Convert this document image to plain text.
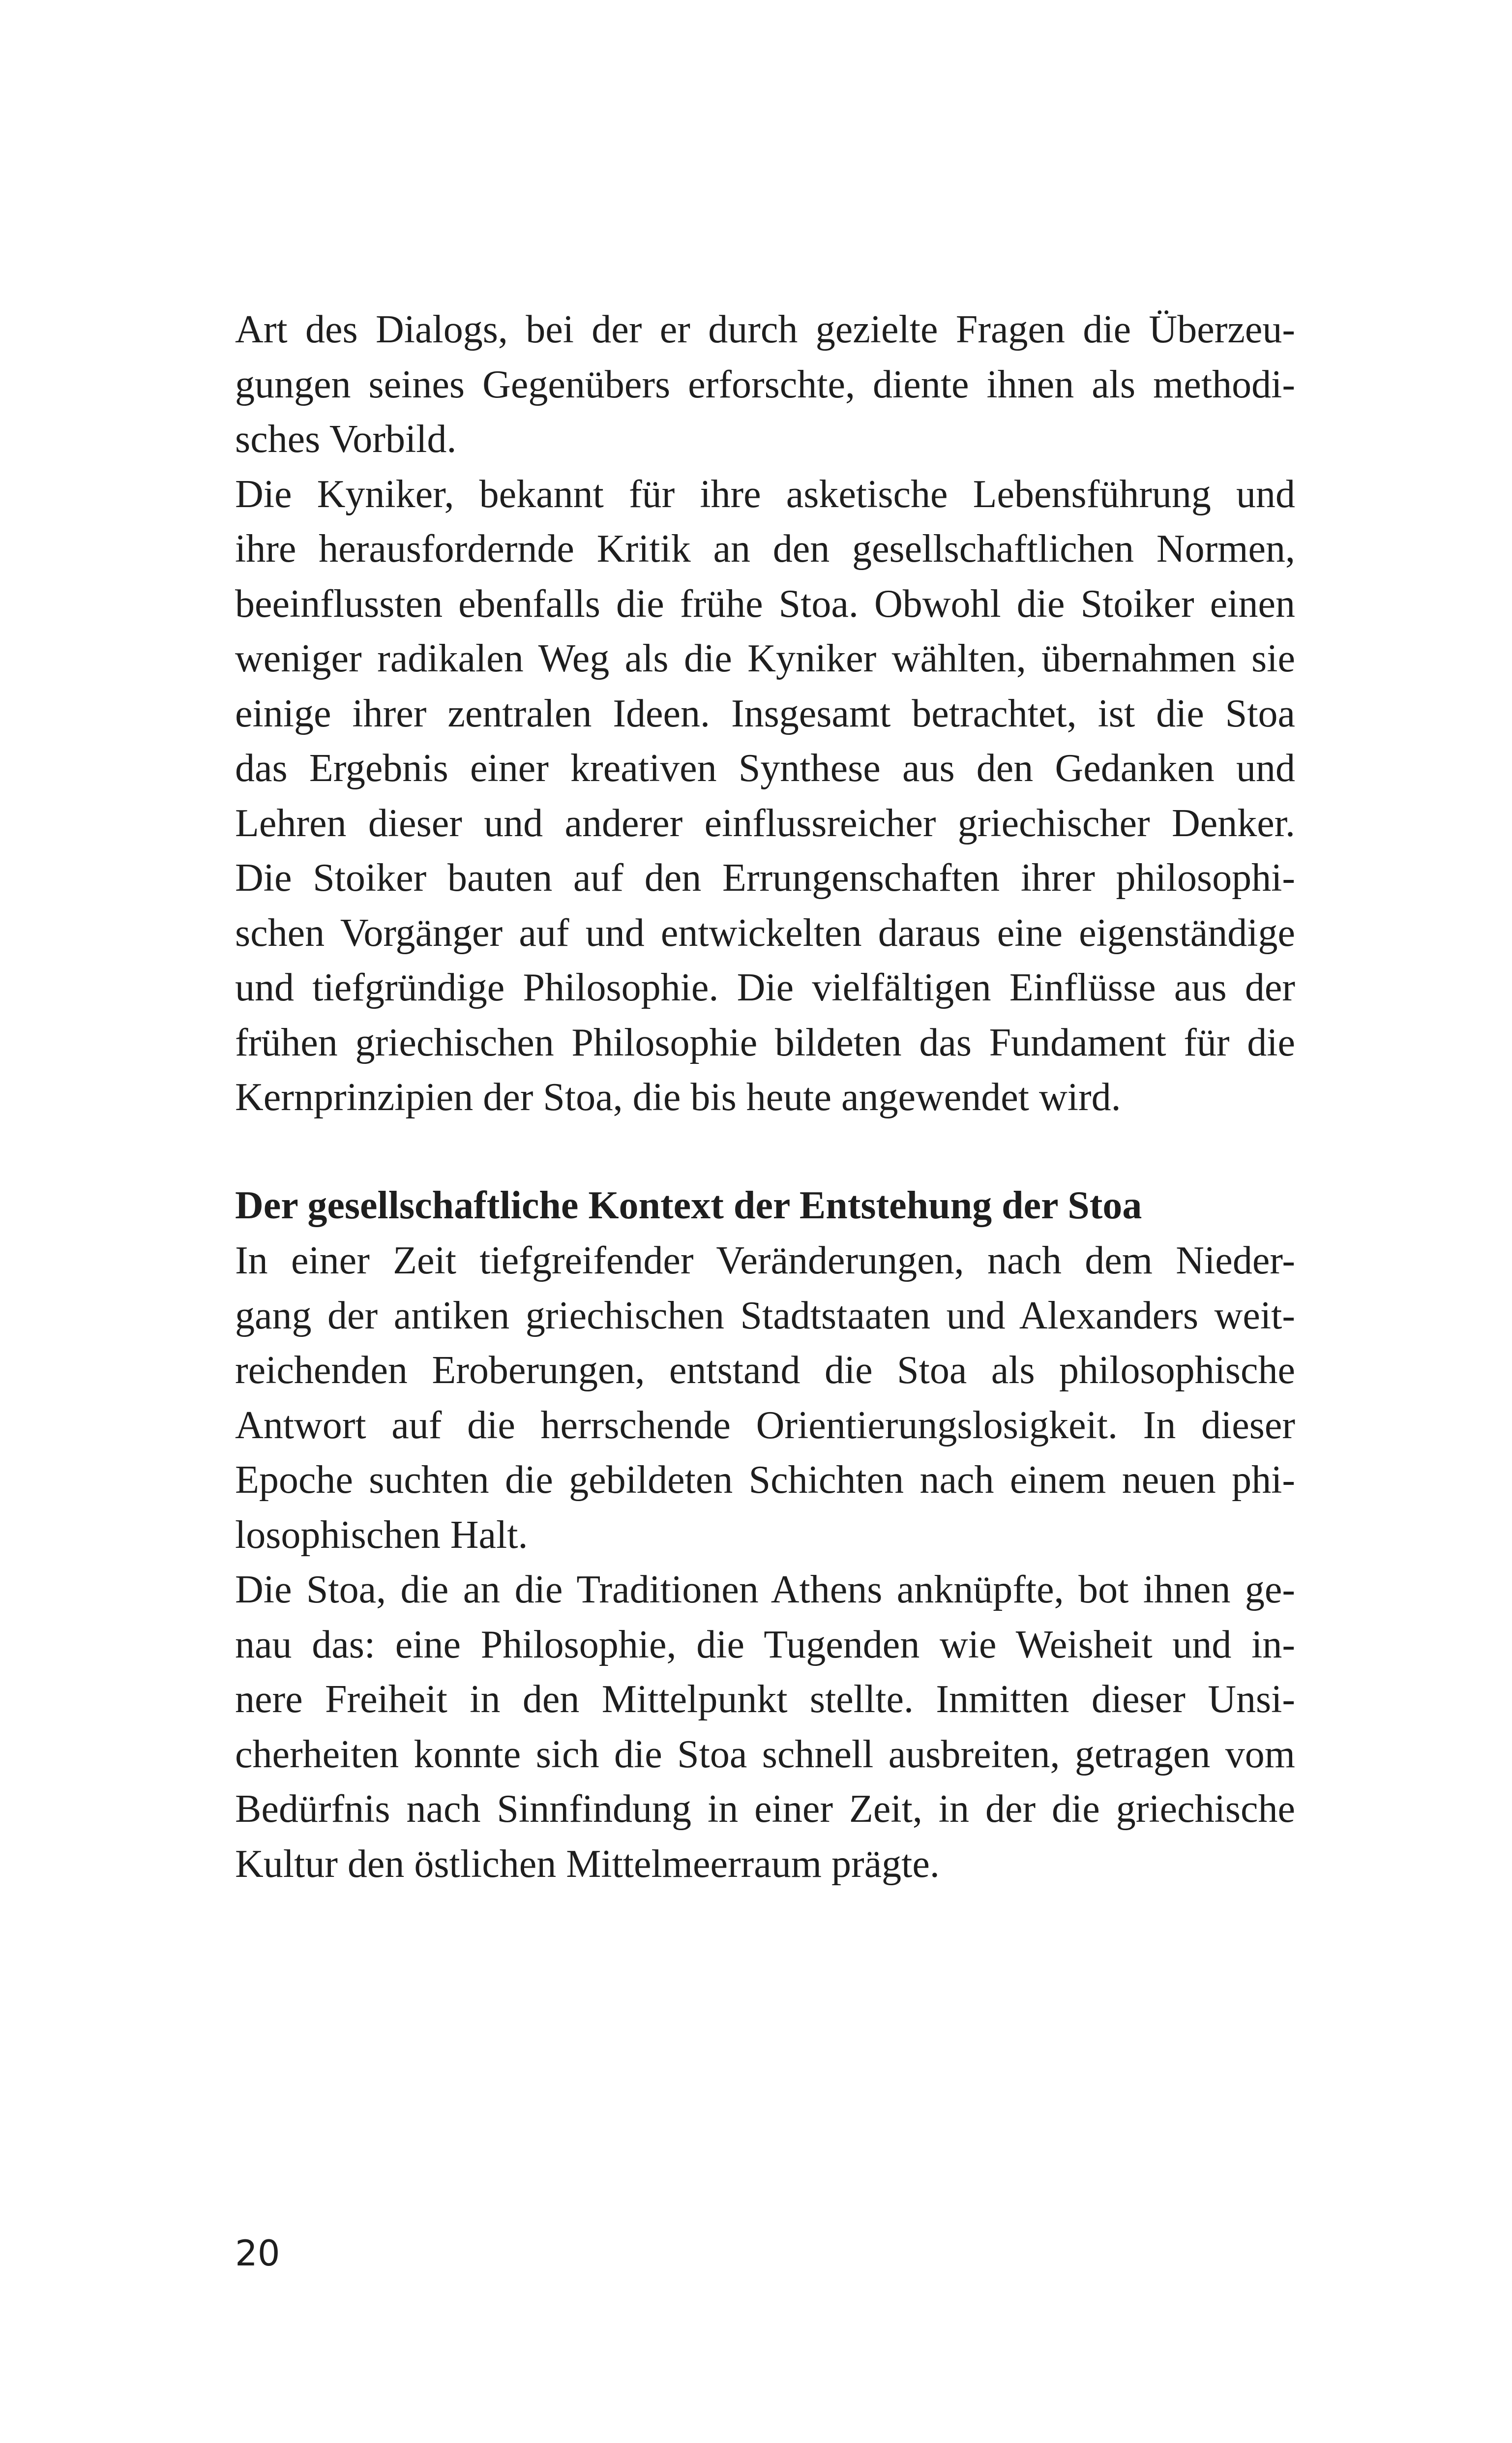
Art des Dialogs, bei der er durch gezielte Fragen die Überzeu-
gungen seines Gegenübers erforschte, diente ihnen als methodi-
sches Vorbild.
Die Kyniker, bekannt für ihre asketische Lebensführung und
ihre herausfordernde Kritik an den gesellschaftlichen Normen,
beeinflussten ebenfalls die frühe Stoa. Obwohl die Stoiker einen
weniger radikalen Weg als die Kyniker wählten, übernahmen sie
einige ihrer zentralen Ideen. Insgesamt betrachtet, ist die Stoa
das Ergebnis einer kreativen Synthese aus den Gedanken und
Lehren dieser und anderer einflussreicher griechischer Denker.
Die Stoiker bauten auf den Errungenschaften ihrer philosophi-
schen Vorgänger auf und entwickelten daraus eine eigenständige
und tiefgründige Philosophie. Die vielfältigen Einflüsse aus der
frühen griechischen Philosophie bildeten das Fundament für die
Kernprinzipien der Stoa, die bis heute angewendet wird.
Der gesellschaftliche Kontext der Entstehung der Stoa
In einer Zeit tiefgreifender Veränderungen, nach dem Nieder-
gang der antiken griechischen Stadtstaaten und Alexanders weit-
reichenden Eroberungen, entstand die Stoa als philosophische
Antwort auf die herrschende Orientierungslosigkeit. In dieser
Epoche suchten die gebildeten Schichten nach einem neuen phi-
losophischen Halt.
Die Stoa, die an die Traditionen Athens anknüpfte, bot ihnen ge-
nau das: eine Philosophie, die Tugenden wie Weisheit und in-
nere Freiheit in den Mittelpunkt stellte. Inmitten dieser Unsi-
cherheiten konnte sich die Stoa schnell ausbreiten, getragen vom
Bedürfnis nach Sinnfindung in einer Zeit, in der die griechische
Kultur den östlichen Mittelmeerraum prägte.
20
